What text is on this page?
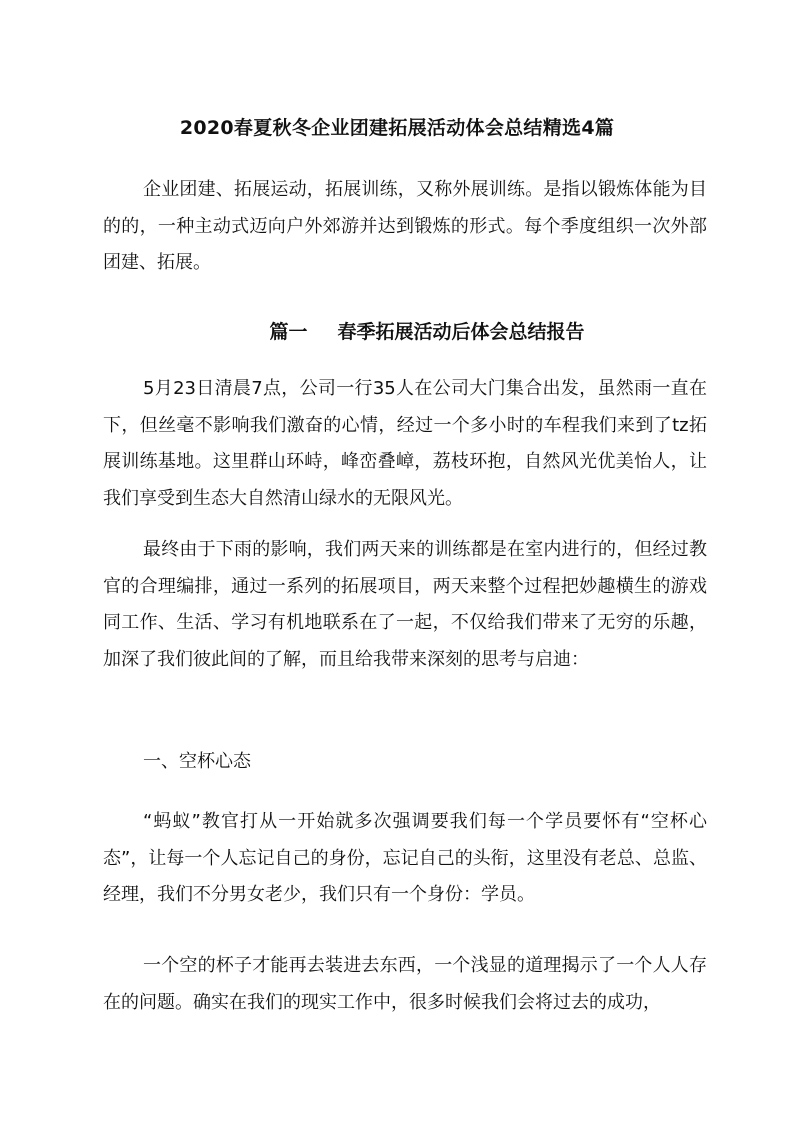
2020春夏秋冬企业团建拓展活动体会总结精选4篇

企业团建、拓展运动，拓展训练，又称外展训练。是指以锻炼体能为目的的，一种主动式迈向户外郊游并达到锻炼的形式。每个季度组织一次外部团建、拓展。

篇一 春季拓展活动后体会总结报告

5月23日清晨7点，公司一行35人在公司大门集合出发，虽然雨一直在下，但丝毫不影响我们激奋的心情，经过一个多小时的车程我们来到了tz拓展训练基地。这里群山环峙，峰峦叠嶂，荔枝环抱，自然风光优美怡人，让我们享受到生态大自然清山绿水的无限风光。

最终由于下雨的影响，我们两天来的训练都是在室内进行的，但经过教官的合理编排，通过一系列的拓展项目，两天来整个过程把妙趣横生的游戏同工作、生活、学习有机地联系在了一起，不仅给我们带来了无穷的乐趣，加深了我们彼此间的了解，而且给我带来深刻的思考与启迪：

一、空杯心态

“蚂蚁”教官打从一开始就多次强调要我们每一个学员要怀有“空杯心态”，让每一个人忘记自己的身份，忘记自己的头衔，这里没有老总、总监、经理，我们不分男女老少，我们只有一个身份：学员。

一个空的杯子才能再去装进去东西，一个浅显的道理揭示了一个人人存在的问题。确实在我们的现实工作中，很多时候我们会将过去的成功，
